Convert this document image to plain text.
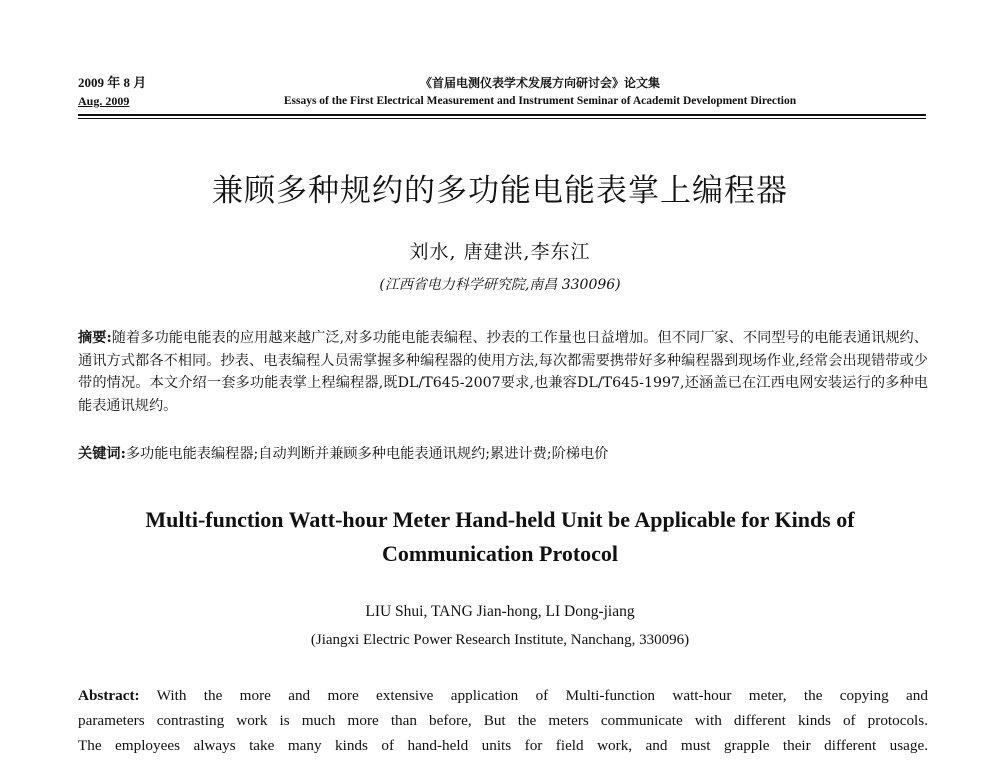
2009 年 8 月
Aug. 2009
《首届电测仪表学术发展方向研讨会》论文集
Essays of the First Electrical Measurement and Instrument Seminar of Academit Development Direction
兼顾多种规约的多功能电能表掌上编程器
刘水, 唐建洪,李东江
(江西省电力科学研究院,南昌 330096)
摘要:随着多功能电能表的应用越来越广泛,对多功能电能表编程、抄表的工作量也日益增加。但不同厂家、不同型号的电能表通讯规约、通讯方式都各不相同。抄表、电表编程人员需掌握多种编程器的使用方法,每次都需要携带好多种编程器到现场作业,经常会出现错带或少带的情况。本文介绍一套多功能表掌上程编程器,既DL/T645-2007要求,也兼容DL/T645-1997,还涵盖已在江西电网安装运行的多种电能表通讯规约。
关键词:多功能电能表编程器;自动判断并兼顾多种电能表通讯规约;累进计费;阶梯电价
Multi-function Watt-hour Meter Hand-held Unit be Applicable for Kinds of
Communication Protocol
LIU Shui, TANG Jian-hong, LI Dong-jiang
(Jiangxi Electric Power Research Institute, Nanchang, 330096)
Abstract: With the more and more extensive application of Multi-function watt-hour meter, the copying and
parameters contrasting work is much more than before, But the meters communicate with different kinds of protocols.
The employees always take many kinds of hand-held units for field work, and must grapple their different usage.
